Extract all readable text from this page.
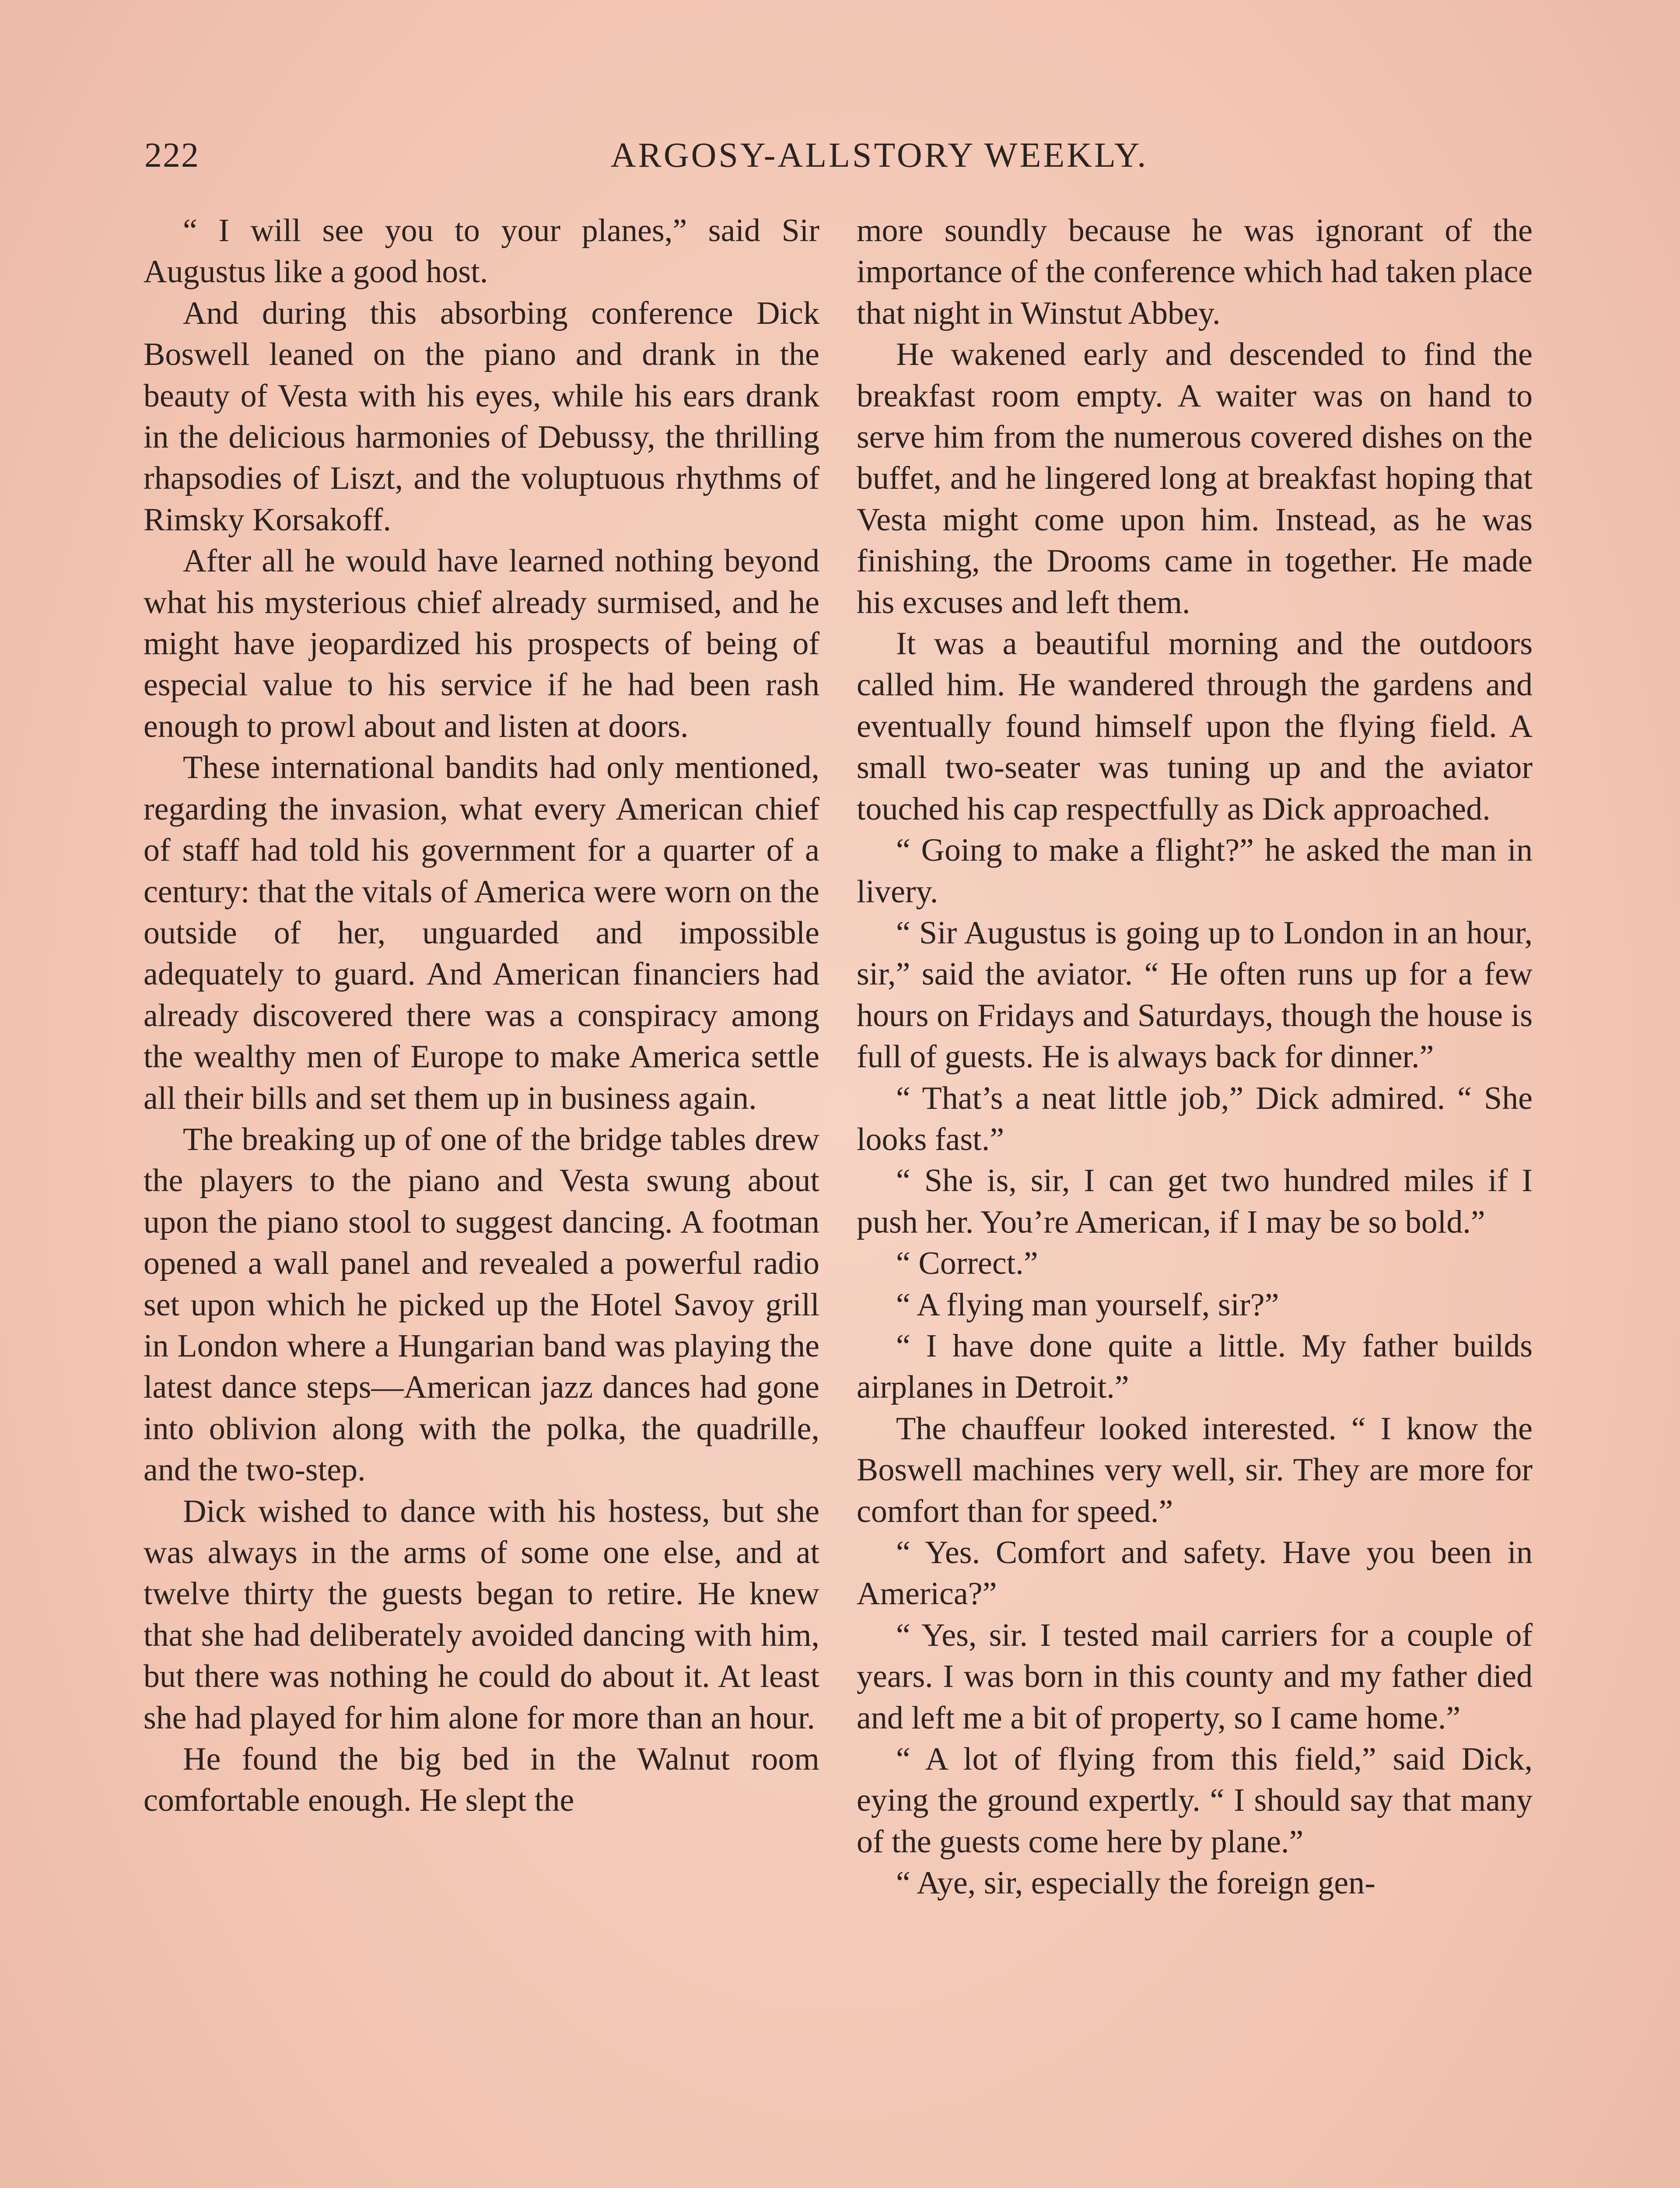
222	ARGOSY-ALLSTORY WEEKLY.

“ I will see you to your planes,” said Sir Augustus like a good host.

And during this absorbing conference Dick Boswell leaned on the piano and drank in the beauty of Vesta with his eyes, while his ears drank in the delicious harmonies of Debussy, the thrilling rhapsodies of Liszt, and the voluptuous rhythms of Rimsky Korsakoff.

After all he would have learned nothing beyond what his mysterious chief already surmised, and he might have jeopardized his prospects of being of especial value to his service if he had been rash enough to prowl about and listen at doors.

These international bandits had only mentioned, regarding the invasion, what every American chief of staff had told his government for a quarter of a century: that the vitals of America were worn on the outside of her, unguarded and impossible adequately to guard. And American financiers had already discovered there was a conspiracy among the wealthy men of Europe to make America settle all their bills and set them up in business again.

The breaking up of one of the bridge tables drew the players to the piano and Vesta swung about upon the piano stool to suggest dancing. A footman opened a wall panel and revealed a powerful radio set upon which he picked up the Hotel Savoy grill in London where a Hungarian band was playing the latest dance steps—American jazz dances had gone into oblivion along with the polka, the quadrille, and the two-step.

Dick wished to dance with his hostess, but she was always in the arms of some one else, and at twelve thirty the guests began to retire. He knew that she had deliberately avoided dancing with him, but there was nothing he could do about it. At least she had played for him alone for more than an hour.

He found the big bed in the Walnut room comfortable enough. He slept the

more soundly because he was ignorant of the importance of the conference which had taken place that night in Winstut Abbey.

He wakened early and descended to find the breakfast room empty. A waiter was on hand to serve him from the numerous covered dishes on the buffet, and he lingered long at breakfast hoping that Vesta might come upon him. Instead, as he was finishing, the Drooms came in together. He made his excuses and left them.

It was a beautiful morning and the outdoors called him. He wandered through the gardens and eventually found himself upon the flying field. A small two-seater was tuning up and the aviator touched his cap respectfully as Dick approached.

“ Going to make a flight?” he asked the man in livery.

“ Sir Augustus is going up to London in an hour, sir,” said the aviator. “ He often runs up for a few hours on Fridays and Saturdays, though the house is full of guests. He is always back for dinner.”

“ That’s a neat little job,” Dick admired. “ She looks fast.”

“ She is, sir, I can get two hundred miles if I push her. You’re American, if I may be so bold.”

“ Correct.”

“ A flying man yourself, sir?”

“ I have done quite a little. My father builds airplanes in Detroit.”

The chauffeur looked interested. “ I know the Boswell machines very well, sir. They are more for comfort than for speed.”

“ Yes. Comfort and safety. Have you been in America?”

“ Yes, sir. I tested mail carriers for a couple of years. I was born in this county and my father died and left me a bit of property, so I came home.”

“ A lot of flying from this field,” said Dick, eying the ground expertly. “ I should say that many of the guests come here by plane.”

“ Aye, sir, especially the foreign gen-
